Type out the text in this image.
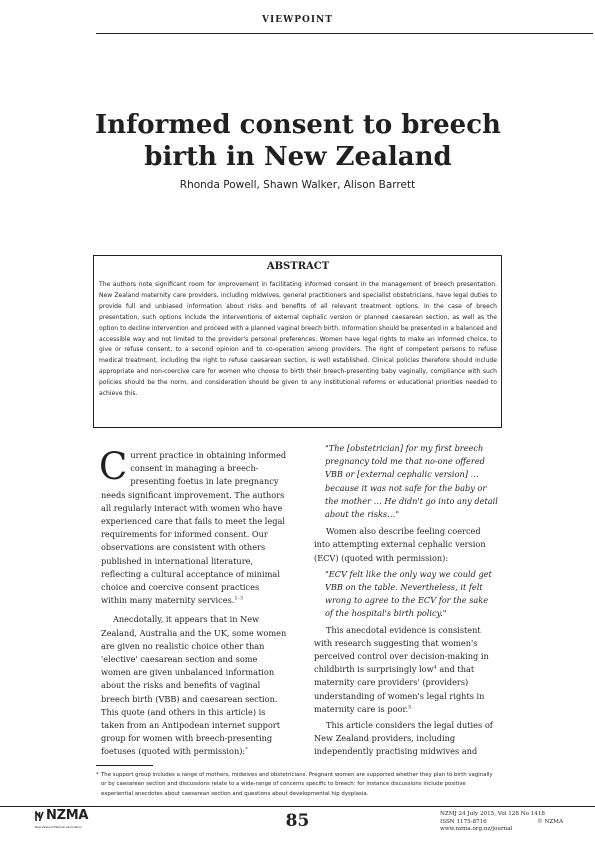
VIEWPOINT
Informed consent to breech birth in New Zealand
Rhonda Powell, Shawn Walker, Alison Barrett
ABSTRACT
The authors note significant room for improvement in facilitating informed consent in the management of breech presentation. New Zealand maternity care providers, including midwives, general practitioners and specialist obstetricians, have legal duties to provide full and unbiased information about risks and benefits of all relevant treatment options. In the case of breech presentation, such options include the interventions of external cephalic version or planned caesarean section, as well as the option to decline intervention and proceed with a planned vaginal breech birth. Information should be presented in a balanced and accessible way and not limited to the provider's personal preferences. Women have legal rights to make an informed choice, to give or refuse consent, to a second opinion and to co-operation among providers. The right of competent persons to refuse medical treatment, including the right to refuse caesarean section, is well established. Clinical policies therefore should include appropriate and non-coercive care for women who choose to birth their breech-presenting baby vaginally, compliance with such policies should be the norm, and consideration should be given to any institutional reforms or educational priorities needed to achieve this.

Current practice in obtaining informed consent in managing a breech-presenting foetus in late pregnancy needs significant improvement. The authors all regularly interact with women who have experienced care that fails to meet the legal requirements for informed consent. Our observations are consistent with others published in international literature, reflecting a cultural acceptance of minimal choice and coercive consent practices within many maternity services.$^{1-3}$

Anecdotally, it appears that in New Zealand, Australia and the UK, some women are given no realistic choice other than 'elective' caesarean section and some women are given unbalanced information about the risks and benefits of vaginal breech birth (VBB) and caesarean section. This quote (and others in this article) is taken from an Antipodean internet support group for women with breech-presenting foetuses (quoted with permission):*

"The [obstetrician] for my first breech pregnancy told me that no-one offered VBB or [external cephalic version] … because it was not safe for the baby or the mother … He didn't go into any detail about the risks…"

Women also describe feeling coerced into attempting external cephalic version (ECV) (quoted with permission):

"ECV felt like the only way we could get VBB on the table. Nevertheless, it felt wrong to agree to the ECV for the sake of the hospital's birth policy."

This anecdotal evidence is consistent with research suggesting that women's perceived control over decision-making in childbirth is surprisingly low$^4$ and that maternity care providers' (providers) understanding of women's legal rights in maternity care is poor.$^5$

This article considers the legal duties of New Zealand providers, including independently practising midwives and

* The support group includes a range of mothers, midwives and obstetricians. Pregnant women are supported whether they plan to birth vaginally or by caesarean section and discussions relate to a wide-range of concerns specific to breech: for instance discussions include positive experiential anecdotes about caesarean section and questions about developmental hip dysplasia.
NZMA
New Zealand Medical Association	85	NZMJ 24 July 2015, Vol 128 No 1418
ISSN 1175-8716	© NZMA
www.nzma.org.nz/journal
